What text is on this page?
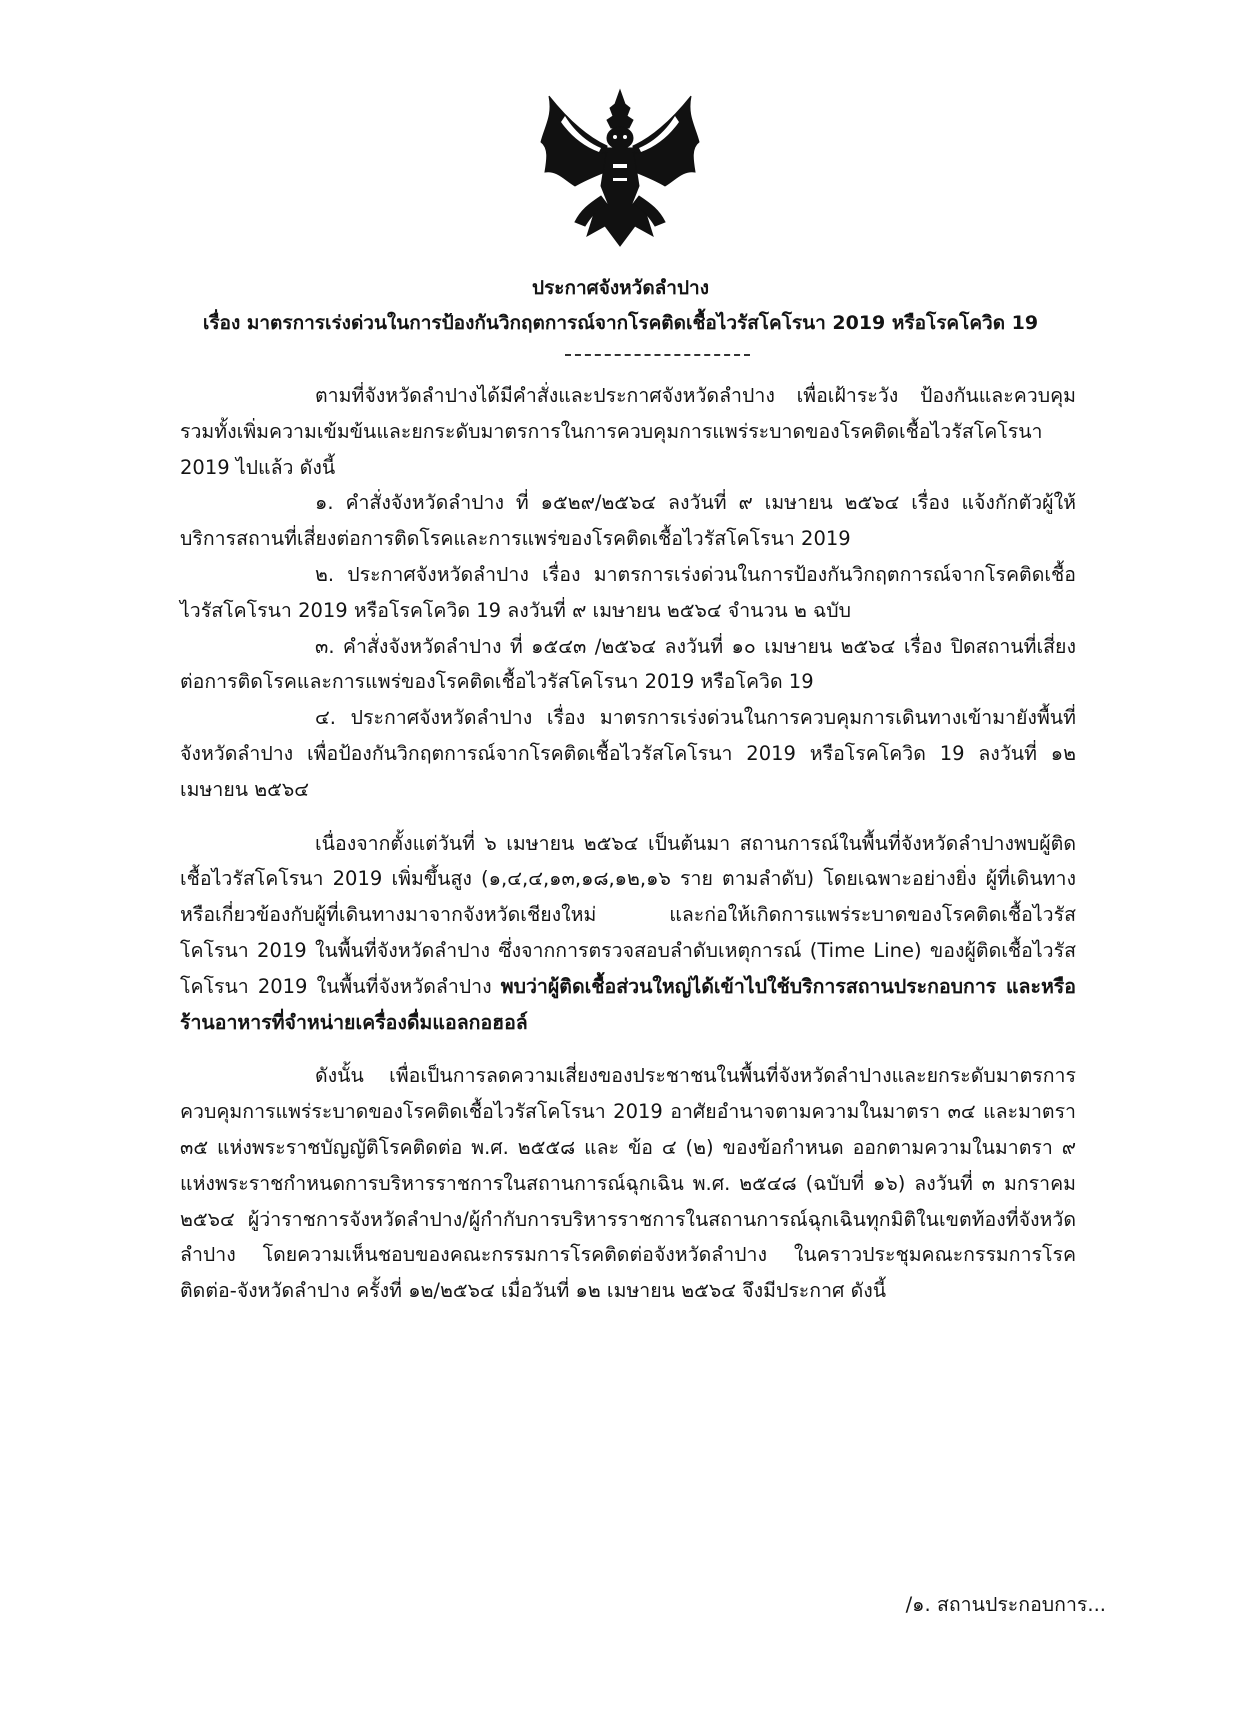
ประกาศจังหวัดลำปาง
เรื่อง มาตรการเร่งด่วนในการป้องกันวิกฤตการณ์จากโรคติดเชื้อไวรัสโคโรนา 2019 หรือโรคโควิด 19

ตามที่จังหวัดลำปางได้มีคำสั่งและประกาศจังหวัดลำปาง เพื่อเฝ้าระวัง ป้องกันและควบคุม รวมทั้งเพิ่มความเข้มข้นและยกระดับมาตรการในการควบคุมการแพร่ระบาดของโรคติดเชื้อไวรัสโคโรนา 2019 ไปแล้ว ดังนี้

๑. คำสั่งจังหวัดลำปาง ที่ ๑๕๒๙/๒๕๖๔ ลงวันที่ ๙ เมษายน ๒๕๖๔ เรื่อง แจ้งกักตัวผู้ให้บริการสถานที่เสี่ยงต่อการติดโรคและการแพร่ของโรคติดเชื้อไวรัสโคโรนา 2019

๒. ประกาศจังหวัดลำปาง เรื่อง มาตรการเร่งด่วนในการป้องกันวิกฤตการณ์จากโรคติดเชื้อไวรัสโคโรนา 2019 หรือโรคโควิด 19 ลงวันที่ ๙ เมษายน ๒๕๖๔ จำนวน ๒ ฉบับ

๓. คำสั่งจังหวัดลำปาง ที่ ๑๕๔๓ /๒๕๖๔ ลงวันที่ ๑๐ เมษายน ๒๕๖๔ เรื่อง ปิดสถานที่เสี่ยงต่อการติดโรคและการแพร่ของโรคติดเชื้อไวรัสโคโรนา 2019 หรือโควิด 19

๔. ประกาศจังหวัดลำปาง เรื่อง มาตรการเร่งด่วนในการควบคุมการเดินทางเข้ามายังพื้นที่จังหวัดลำปาง เพื่อป้องกันวิกฤตการณ์จากโรคติดเชื้อไวรัสโคโรนา 2019 หรือโรคโควิด 19 ลงวันที่ ๑๒ เมษายน ๒๕๖๔

เนื่องจากตั้งแต่วันที่ ๖ เมษายน ๒๕๖๔ เป็นต้นมา สถานการณ์ในพื้นที่จังหวัดลำปางพบผู้ติดเชื้อไวรัสโคโรนา 2019 เพิ่มขึ้นสูง (๑,๔,๔,๑๓,๑๘,๑๒,๑๖ ราย ตามลำดับ) โดยเฉพาะอย่างยิ่ง ผู้ที่เดินทางหรือเกี่ยวข้องกับผู้ที่เดินทางมาจากจังหวัดเชียงใหม่ และก่อให้เกิดการแพร่ระบาดของโรคติดเชื้อไวรัสโคโรนา 2019 ในพื้นที่จังหวัดลำปาง ซึ่งจากการตรวจสอบลำดับเหตุการณ์ (Time Line) ของผู้ติดเชื้อไวรัสโคโรนา 2019 ในพื้นที่จังหวัดลำปาง พบว่าผู้ติดเชื้อส่วนใหญ่ได้เข้าไปใช้บริการสถานประกอบการ และหรือร้านอาหารที่จำหน่ายเครื่องดื่มแอลกอฮอล์

ดังนั้น เพื่อเป็นการลดความเสี่ยงของประชาชนในพื้นที่จังหวัดลำปางและยกระดับมาตรการควบคุมการแพร่ระบาดของโรคติดเชื้อไวรัสโคโรนา 2019 อาศัยอำนาจตามความในมาตรา ๓๔ และมาตรา ๓๕ แห่งพระราชบัญญัติโรคติดต่อ พ.ศ. ๒๕๕๘ และ ข้อ ๔ (๒) ของข้อกำหนด ออกตามความในมาตรา ๙ แห่งพระราชกำหนดการบริหารราชการในสถานการณ์ฉุกเฉิน พ.ศ. ๒๕๔๘ (ฉบับที่ ๑๖) ลงวันที่ ๓ มกราคม ๒๕๖๔ ผู้ว่าราชการจังหวัดลำปาง/ผู้กำกับการบริหารราชการในสถานการณ์ฉุกเฉินทุกมิติในเขตท้องที่จังหวัดลำปาง โดยความเห็นชอบของคณะกรรมการโรคติดต่อจังหวัดลำปาง ในคราวประชุมคณะกรรมการโรคติดต่อ-จังหวัดลำปาง ครั้งที่ ๑๒/๒๕๖๔ เมื่อวันที่ ๑๒ เมษายน ๒๕๖๔ จึงมีประกาศ ดังนี้

/๑. สถานประกอบการ...
